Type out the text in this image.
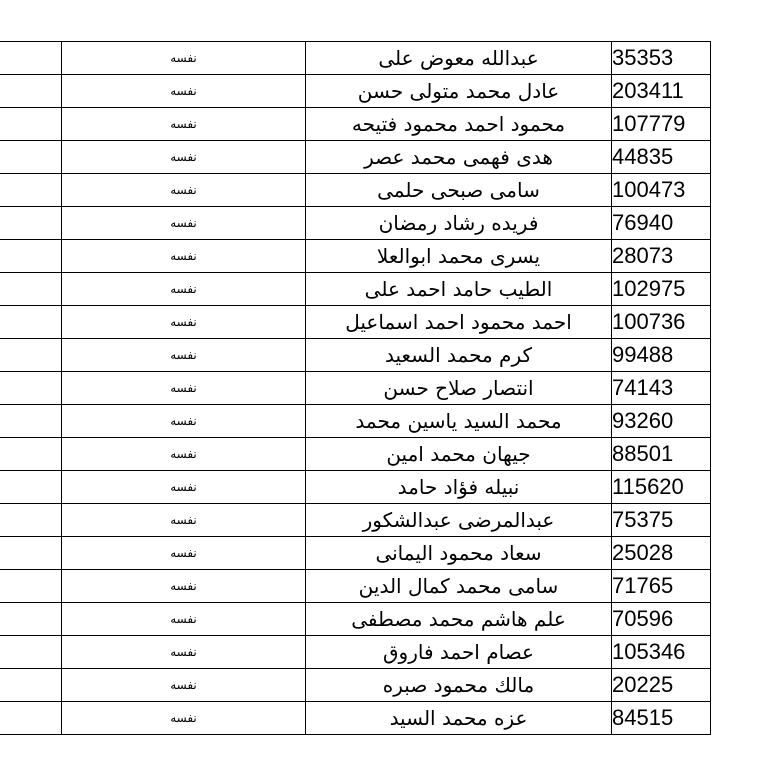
	نفسه	عبدالله معوض على	35353
	نفسه	عادل محمد متولى حسن	203411
	نفسه	محمود احمد محمود فتيحه	107779
	نفسه	هدى فهمى محمد عصر	44835
	نفسه	سامى صبحى حلمى	100473
	نفسه	فريده رشاد رمضان	76940
	نفسه	يسرى محمد ابوالعلا	28073
	نفسه	الطيب حامد احمد على	102975
	نفسه	احمد محمود احمد اسماعيل	100736
	نفسه	كرم محمد السعيد	99488
	نفسه	انتصار صلاح حسن	74143
	نفسه	محمد السيد ياسين محمد	93260
	نفسه	جيهان محمد امين	88501
	نفسه	نبيله فؤاد حامد	115620
	نفسه	عبدالمرضى عبدالشكور	75375
	نفسه	سعاد محمود اليمانى	25028
	نفسه	سامى محمد كمال الدين	71765
	نفسه	علم هاشم محمد مصطفى	70596
	نفسه	عصام احمد فاروق	105346
	نفسه	مالك محمود صبره	20225
	نفسه	عزه محمد السيد	84515
